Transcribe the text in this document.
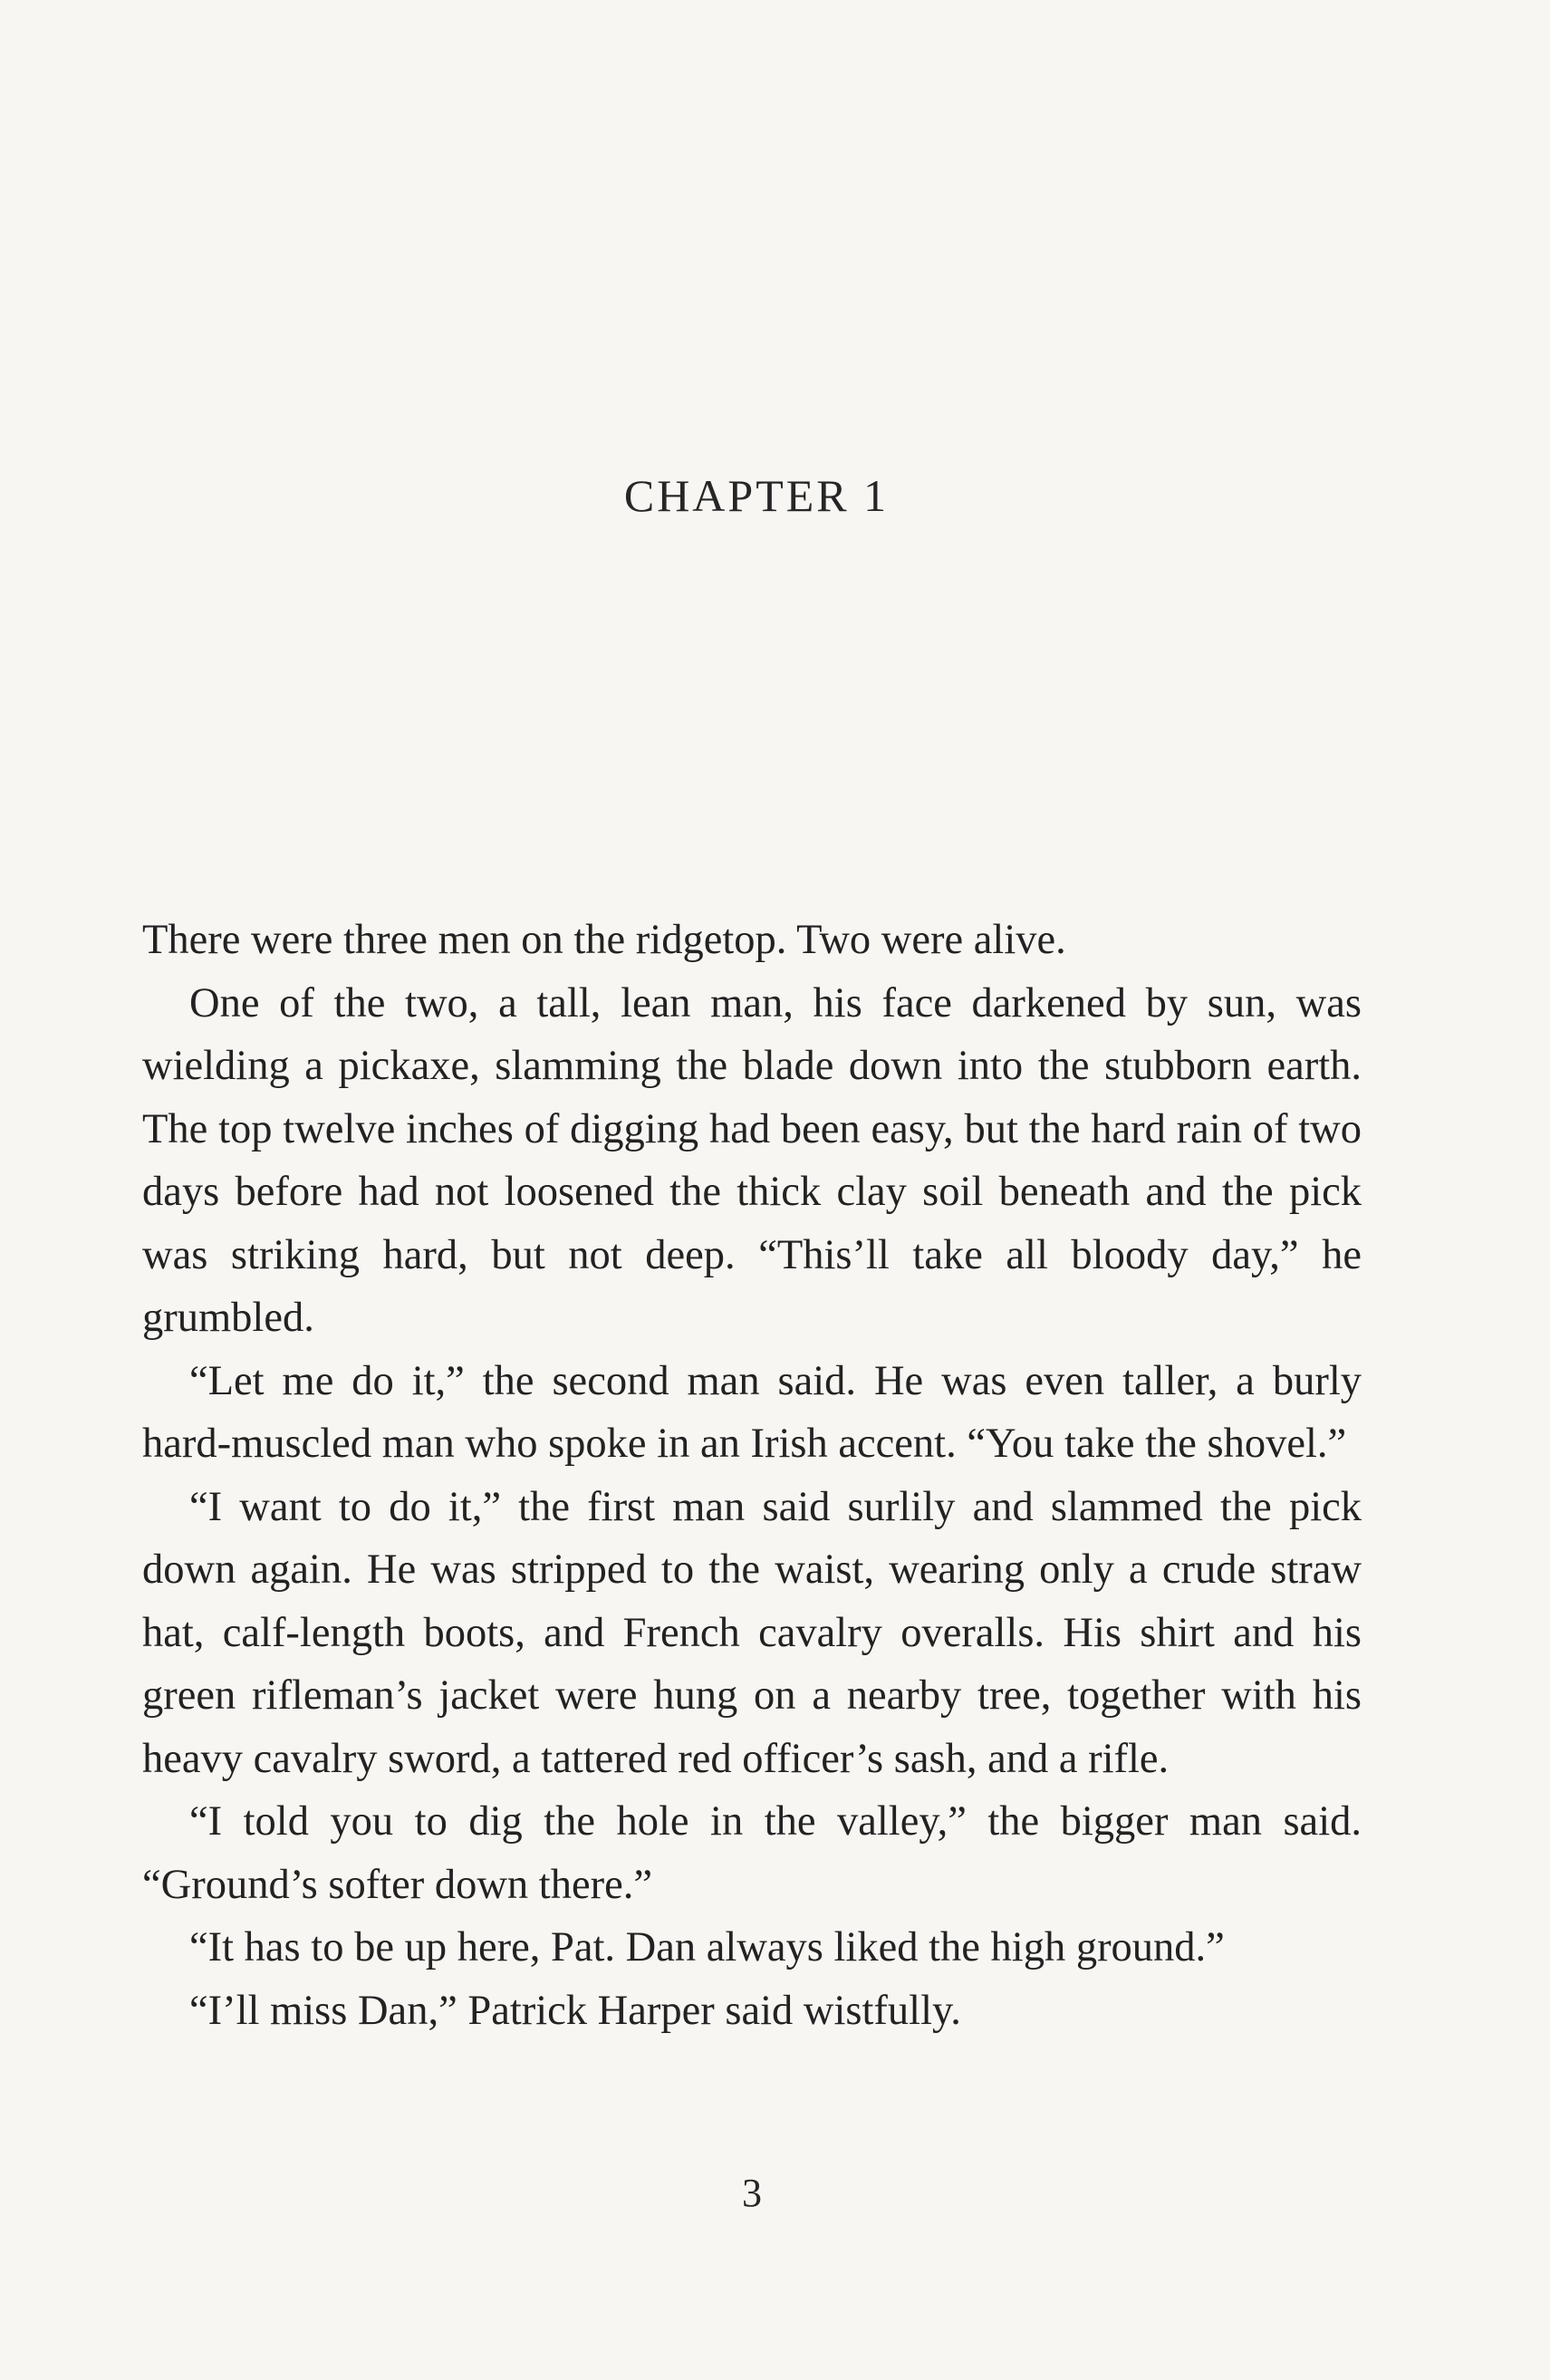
CHAPTER 1

There were three men on the ridgetop. Two were alive.

One of the two, a tall, lean man, his face darkened by sun, was wielding a pickaxe, slamming the blade down into the stubborn earth. The top twelve inches of digging had been easy, but the hard rain of two days before had not loosened the thick clay soil beneath and the pick was striking hard, but not deep. “This’ll take all bloody day,” he grumbled.

“Let me do it,” the second man said. He was even taller, a burly hard-muscled man who spoke in an Irish accent. “You take the shovel.”

“I want to do it,” the first man said surlily and slammed the pick down again. He was stripped to the waist, wearing only a crude straw hat, calf-length boots, and French cavalry overalls. His shirt and his green rifleman’s jacket were hung on a nearby tree, together with his heavy cavalry sword, a tattered red officer’s sash, and a rifle.

“I told you to dig the hole in the valley,” the bigger man said. “Ground’s softer down there.”

“It has to be up here, Pat. Dan always liked the high ground.”

“I’ll miss Dan,” Patrick Harper said wistfully.

3
